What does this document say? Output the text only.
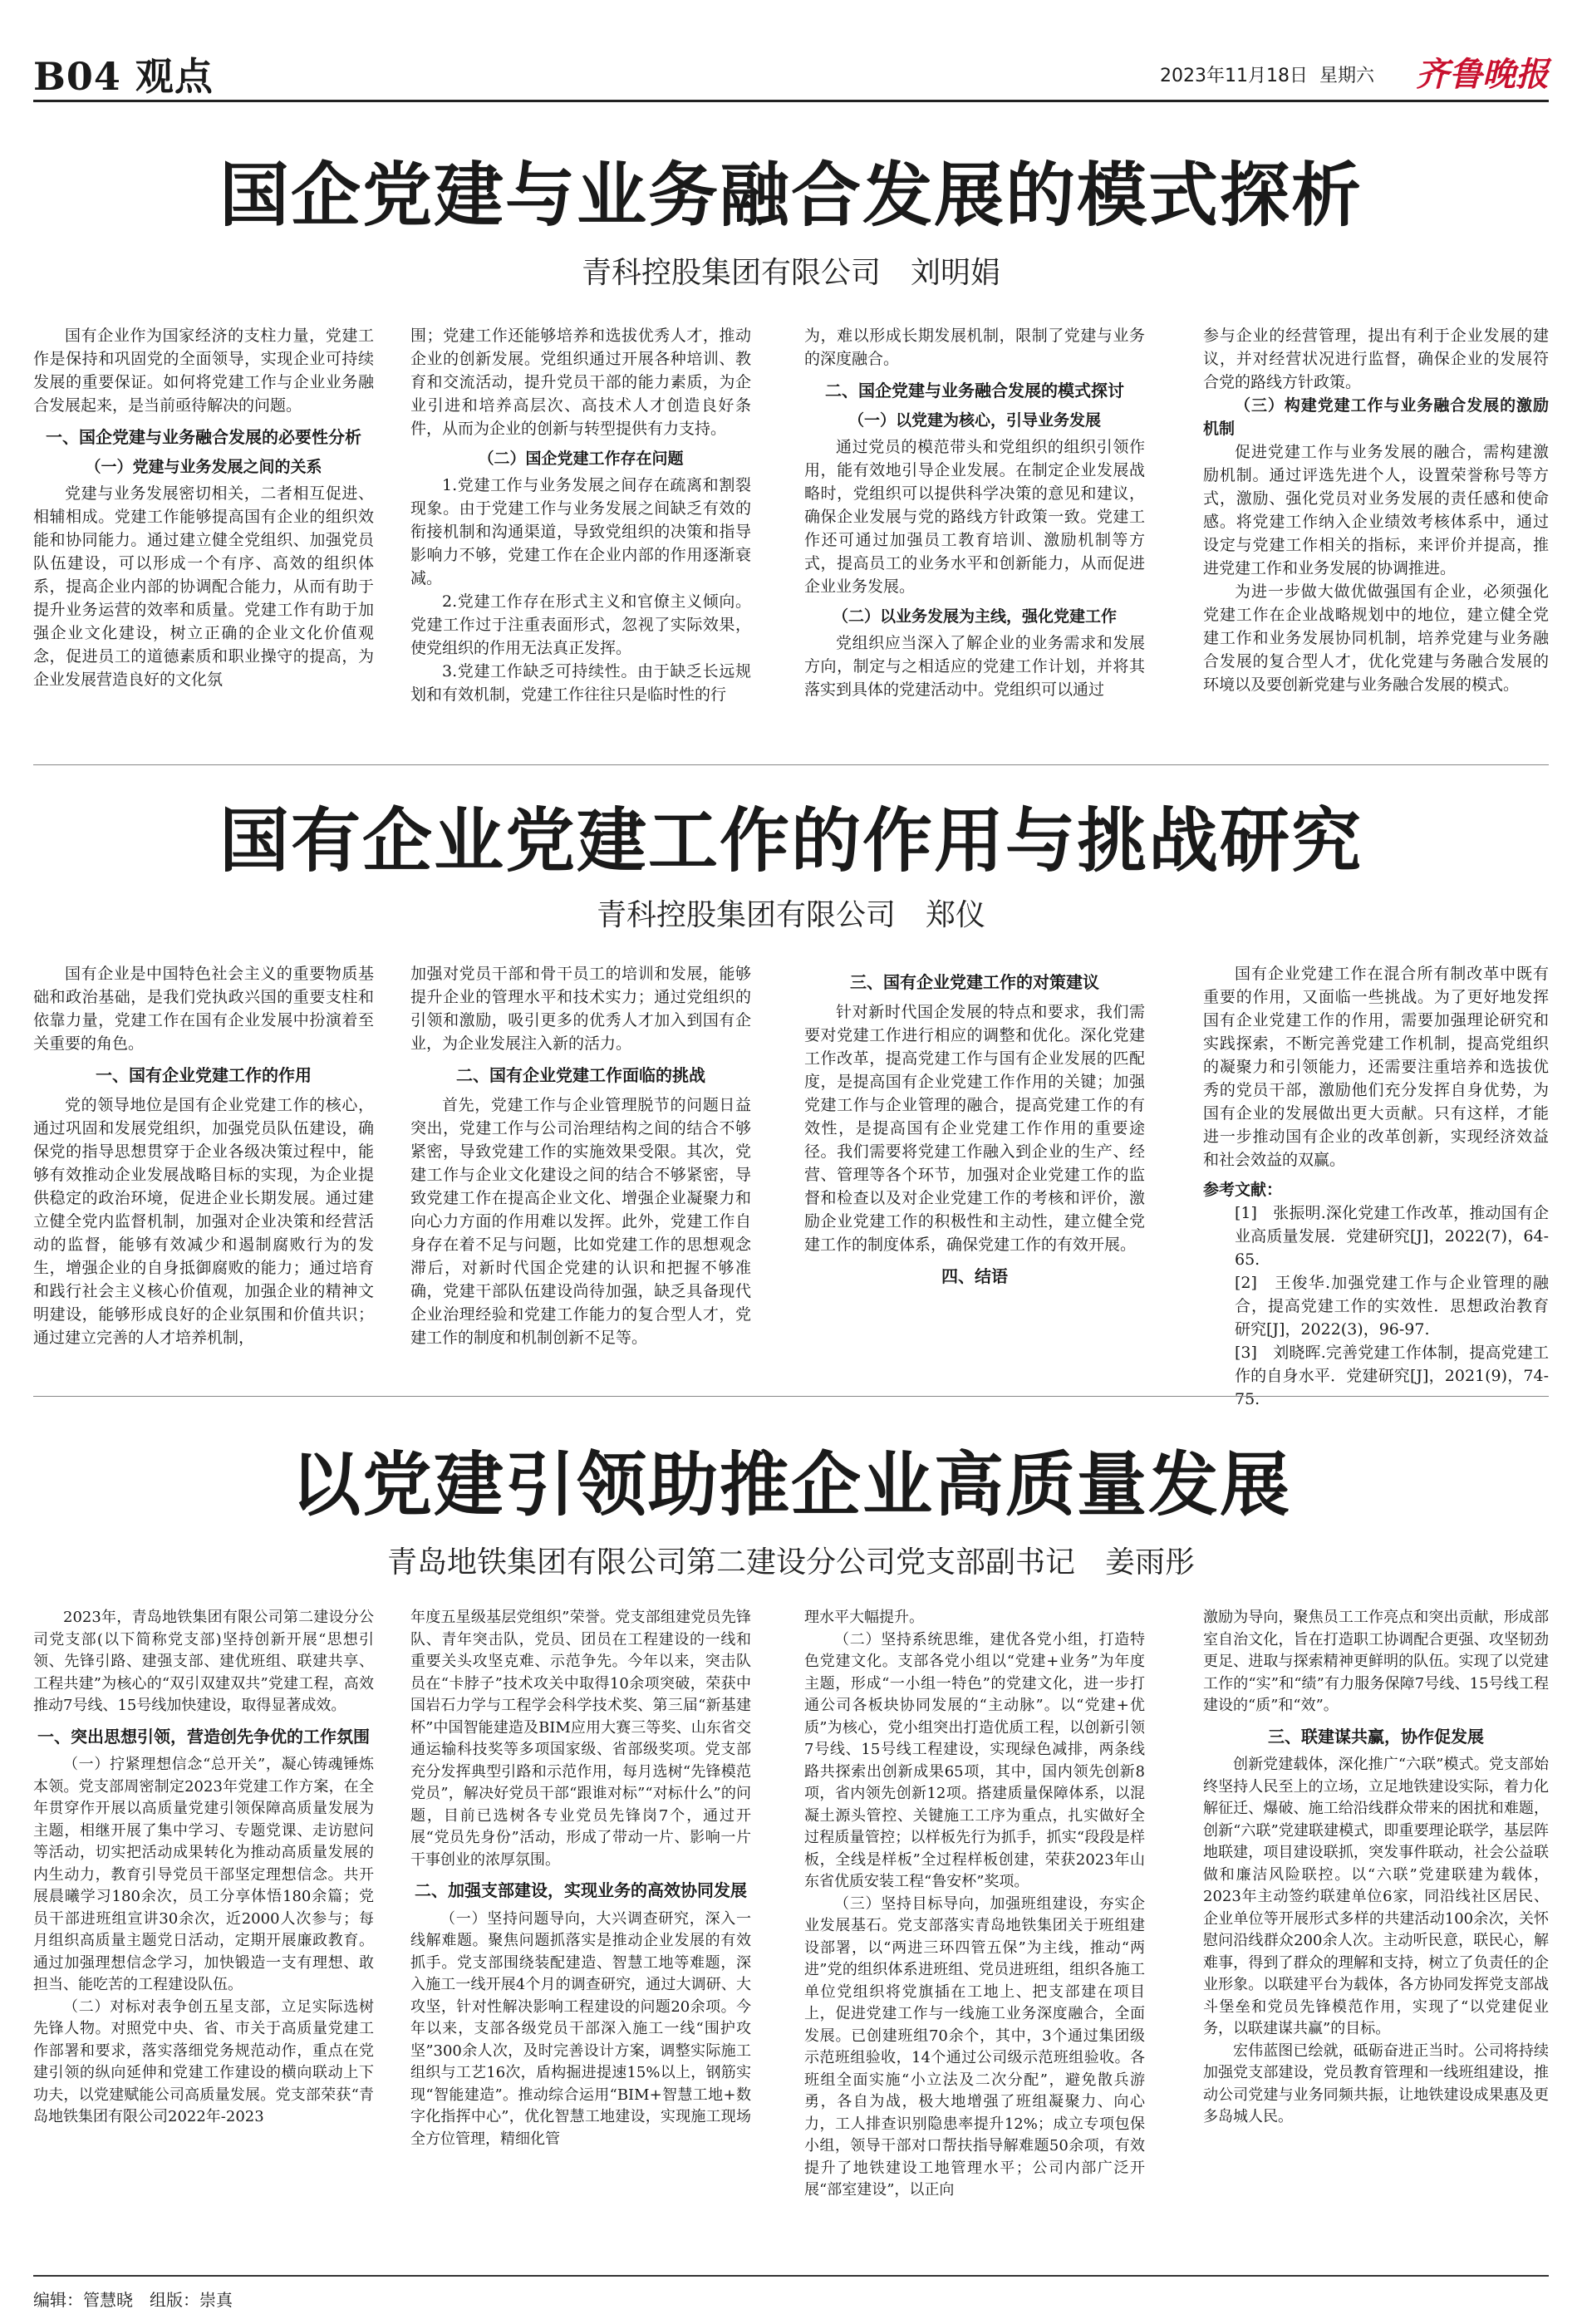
B04 观点	2023年11月18日 星期六 齐鲁晚报
国企党建与业务融合发展的模式探析
青科控股集团有限公司　刘明娟

国有企业作为国家经济的支柱力量，党建工作是保持和巩固党的全面领导，实现企业可持续发展的重要保证。如何将党建工作与企业业务融合发展起来，是当前亟待解决的问题。

一、国企党建与业务融合发展的必要性分析
（一）党建与业务发展之间的关系

党建与业务发展密切相关，二者相互促进、相辅相成。党建工作能够提高国有企业的组织效能和协同能力。通过建立健全党组织、加强党员队伍建设，可以形成一个有序、高效的组织体系，提高企业内部的协调配合能力，从而有助于提升业务运营的效率和质量。党建工作有助于加强企业文化建设，树立正确的企业文化价值观念，促进员工的道德素质和职业操守的提高，为企业发展营造良好的文化氛

围；党建工作还能够培养和选拔优秀人才，推动企业的创新发展。党组织通过开展各种培训、教育和交流活动，提升党员干部的能力素质，为企业引进和培养高层次、高技术人才创造良好条件，从而为企业的创新与转型提供有力支持。

（二）国企党建工作存在问题

1.党建工作与业务发展之间存在疏离和割裂现象。由于党建工作与业务发展之间缺乏有效的衔接机制和沟通渠道，导致党组织的决策和指导影响力不够，党建工作在企业内部的作用逐渐衰减。

2.党建工作存在形式主义和官僚主义倾向。党建工作过于注重表面形式，忽视了实际效果，使党组织的作用无法真正发挥。

3.党建工作缺乏可持续性。由于缺乏长远规划和有效机制，党建工作往往只是临时性的行

为，难以形成长期发展机制，限制了党建与业务的深度融合。

二、国企党建与业务融合发展的模式探讨
（一）以党建为核心，引导业务发展

通过党员的模范带头和党组织的组织引领作用，能有效地引导企业发展。在制定企业发展战略时，党组织可以提供科学决策的意见和建议，确保企业发展与党的路线方针政策一致。党建工作还可通过加强员工教育培训、激励机制等方式，提高员工的业务水平和创新能力，从而促进企业业务发展。

（二）以业务发展为主线，强化党建工作

党组织应当深入了解企业的业务需求和发展方向，制定与之相适应的党建工作计划，并将其落实到具体的党建活动中。党组织可以通过

参与企业的经营管理，提出有利于企业发展的建议，并对经营状况进行监督，确保企业的发展符合党的路线方针政策。

（三）构建党建工作与业务融合发展的激励机制

促进党建工作与业务发展的融合，需构建激励机制。通过评选先进个人，设置荣誉称号等方式，激励、强化党员对业务发展的责任感和使命感。将党建工作纳入企业绩效考核体系中，通过设定与党建工作相关的指标，来评价并提高，推进党建工作和业务发展的协调推进。

为进一步做大做优做强国有企业，必须强化党建工作在企业战略规划中的地位，建立健全党建工作和业务发展协同机制，培养党建与业务融合发展的复合型人才，优化党建与务融合发展的环境以及要创新党建与业务融合发展的模式。

国有企业党建工作的作用与挑战研究
青科控股集团有限公司　郑仪

国有企业是中国特色社会主义的重要物质基础和政治基础，是我们党执政兴国的重要支柱和依靠力量，党建工作在国有企业发展中扮演着至关重要的角色。

一、国有企业党建工作的作用

党的领导地位是国有企业党建工作的核心，通过巩固和发展党组织，加强党员队伍建设，确保党的指导思想贯穿于企业各级决策过程中，能够有效推动企业发展战略目标的实现，为企业提供稳定的政治环境，促进企业长期发展。通过建立健全党内监督机制，加强对企业决策和经营活动的监督，能够有效减少和遏制腐败行为的发生，增强企业的自身抵御腐败的能力；通过培育和践行社会主义核心价值观，加强企业的精神文明建设，能够形成良好的企业氛围和价值共识；通过建立完善的人才培养机制，

加强对党员干部和骨干员工的培训和发展，能够提升企业的管理水平和技术实力；通过党组织的引领和激励，吸引更多的优秀人才加入到国有企业，为企业发展注入新的活力。

二、国有企业党建工作面临的挑战

首先，党建工作与企业管理脱节的问题日益突出，党建工作与公司治理结构之间的结合不够紧密，导致党建工作的实施效果受限。其次，党建工作与企业文化建设之间的结合不够紧密，导致党建工作在提高企业文化、增强企业凝聚力和向心力方面的作用难以发挥。此外，党建工作自身存在着不足与问题，比如党建工作的思想观念滞后，对新时代国企党建的认识和把握不够准确，党建干部队伍建设尚待加强，缺乏具备现代企业治理经验和党建工作能力的复合型人才，党建工作的制度和机制创新不足等。

三、国有企业党建工作的对策建议

针对新时代国企发展的特点和要求，我们需要对党建工作进行相应的调整和优化。深化党建工作改革，提高党建工作与国有企业发展的匹配度，是提高国有企业党建工作作用的关键；加强党建工作与企业管理的融合，提高党建工作的有效性，是提高国有企业党建工作作用的重要途径。我们需要将党建工作融入到企业的生产、经营、管理等各个环节，加强对企业党建工作的监督和检查以及对企业党建工作的考核和评价，激励企业党建工作的积极性和主动性，建立健全党建工作的制度体系，确保党建工作的有效开展。

四、结语

国有企业党建工作在混合所有制改革中既有重要的作用，又面临一些挑战。为了更好地发挥国有企业党建工作的作用，需要加强理论研究和实践探索，不断完善党建工作机制，提高党组织的凝聚力和引领能力，还需要注重培养和选拔优秀的党员干部，激励他们充分发挥自身优势，为国有企业的发展做出更大贡献。只有这样，才能进一步推动国有企业的改革创新，实现经济效益和社会效益的双赢。

参考文献：

[1]　张振明.深化党建工作改革，推动国有企业高质量发展．党建研究[J]，2022(7)，64-65.

[2]　王俊华.加强党建工作与企业管理的融合，提高党建工作的实效性．思想政治教育研究[J]，2022(3)，96-97.

[3]　刘晓晖.完善党建工作体制，提高党建工作的自身水平．党建研究[J]，2021(9)，74-75.

以党建引领助推企业高质量发展
青岛地铁集团有限公司第二建设分公司党支部副书记　姜雨彤

2023年，青岛地铁集团有限公司第二建设分公司党支部(以下简称党支部)坚持创新开展“思想引领、先锋引路、建强支部、建优班组、联建共享、工程共建”为核心的“双引双建双共”党建工程，高效推动7号线、15号线加快建设，取得显著成效。

一、突出思想引领，营造创先争优的工作氛围

（一）拧紧理想信念“总开关”，凝心铸魂锤炼本领。党支部周密制定2023年党建工作方案，在全年贯穿作开展以高质量党建引领保障高质量发展为主题，相继开展了集中学习、专题党课、走访慰问等活动，切实把活动成果转化为推动高质量发展的内生动力，教育引导党员干部坚定理想信念。共开展晨曦学习180余次，员工分享体悟180余篇；党员干部进班组宣讲30余次，近2000人次参与；每月组织高质量主题党日活动，定期开展廉政教育。通过加强理想信念学习，加快锻造一支有理想、敢担当、能吃苦的工程建设队伍。

（二）对标对表争创五星支部，立足实际选树先锋人物。对照党中央、省、市关于高质量党建工作部署和要求，落实落细党务规范动作，重点在党建引领的纵向延伸和党建工作建设的横向联动上下功夫，以党建赋能公司高质量发展。党支部荣获“青岛地铁集团有限公司2022年-2023

年度五星级基层党组织”荣誉。党支部组建党员先锋队、青年突击队，党员、团员在工程建设的一线和重要关头攻坚克难、示范争先。今年以来，突击队员在“卡脖子”技术攻关中取得10余项突破，荣获中国岩石力学与工程学会科学技术奖、第三届“新基建杯”中国智能建造及BIM应用大赛三等奖、山东省交通运输科技奖等多项国家级、省部级奖项。党支部充分发挥典型引路和示范作用，每月选树“先锋模范党员”，解决好党员干部“跟谁对标”“对标什么”的问题，目前已选树各专业党员先锋岗7个，通过开展“党员先身份”活动，形成了带动一片、影响一片干事创业的浓厚氛围。

二、加强支部建设，实现业务的高效协同发展

（一）坚持问题导向，大兴调查研究，深入一线解难题。聚焦问题抓落实是推动企业发展的有效抓手。党支部围绕装配建造、智慧工地等难题，深入施工一线开展4个月的调查研究，通过大调研、大攻坚，针对性解决影响工程建设的问题20余项。今年以来，支部各级党员干部深入施工一线“围护攻坚”300余人次，及时完善设计方案，调整实际施工组织与工艺16次，盾构掘进提速15%以上，钢筋实现“智能建造”。推动综合运用“BIM+智慧工地+数字化指挥中心”，优化智慧工地建设，实现施工现场全方位管理，精细化管

理水平大幅提升。

（二）坚持系统思维，建优各党小组，打造特色党建文化。支部各党小组以“党建+业务”为年度主题，形成“一小组一特色”的党建文化，进一步打通公司各板块协同发展的“主动脉”。以“党建+优质”为核心，党小组突出打造优质工程，以创新引领7号线、15号线工程建设，实现绿色减排，两条线路共探索出创新成果65项，其中，国内领先创新8项，省内领先创新12项。搭建质量保障体系，以混凝土源头管控、关键施工工序为重点，扎实做好全过程质量管控；以样板先行为抓手，抓实“段段是样板，全线是样板”全过程样板创建，荣获2023年山东省优质安装工程“鲁安杯”奖项。

（三）坚持目标导向，加强班组建设，夯实企业发展基石。党支部落实青岛地铁集团关于班组建设部署，以“两进三环四管五保”为主线，推动“两进”党的组织体系进班组、党员进班组，组织各施工单位党组织将党旗插在工地上、把支部建在项目上，促进党建工作与一线施工业务深度融合，全面发展。已创建班组70余个，其中，3个通过集团级示范班组验收，14个通过公司级示范班组验收。各班组全面实施“小立法及二次分配”，避免散兵游勇，各自为战，极大地增强了班组凝聚力、向心力，工人排查识别隐患率提升12%；成立专项包保小组，领导干部对口帮扶指导解难题50余项，有效提升了地铁建设工地管理水平；公司内部广泛开展“部室建设”，以正向

激励为导向，聚焦员工工作亮点和突出贡献，形成部室自治文化，旨在打造职工协调配合更强、攻坚韧劲更足、进取与探索精神更鲜明的队伍。实现了以党建工作的“实”和“绩”有力服务保障7号线、15号线工程建设的“质”和“效”。

三、联建谋共赢，协作促发展

创新党建载体，深化推广“六联”模式。党支部始终坚持人民至上的立场，立足地铁建设实际，着力化解征迁、爆破、施工给沿线群众带来的困扰和难题，创新“六联”党建联建模式，即重要理论联学，基层阵地联建，项目建设联抓，突发事件联动，社会公益联做和廉洁风险联控。以“六联”党建联建为载体，2023年主动签约联建单位6家，同沿线社区居民、企业单位等开展形式多样的共建活动100余次，关怀慰问沿线群众200余人次。主动听民意，联民心，解难事，得到了群众的理解和支持，树立了负责任的企业形象。以联建平台为载体，各方协同发挥党支部战斗堡垒和党员先锋模范作用，实现了“以党建促业务，以联建谋共赢”的目标。

宏伟蓝图已绘就，砥砺奋进正当时。公司将持续加强党支部建设，党员教育管理和一线班组建设，推动公司党建与业务同频共振，让地铁建设成果惠及更多岛城人民。

编辑：管慧晓　组版：崇真
